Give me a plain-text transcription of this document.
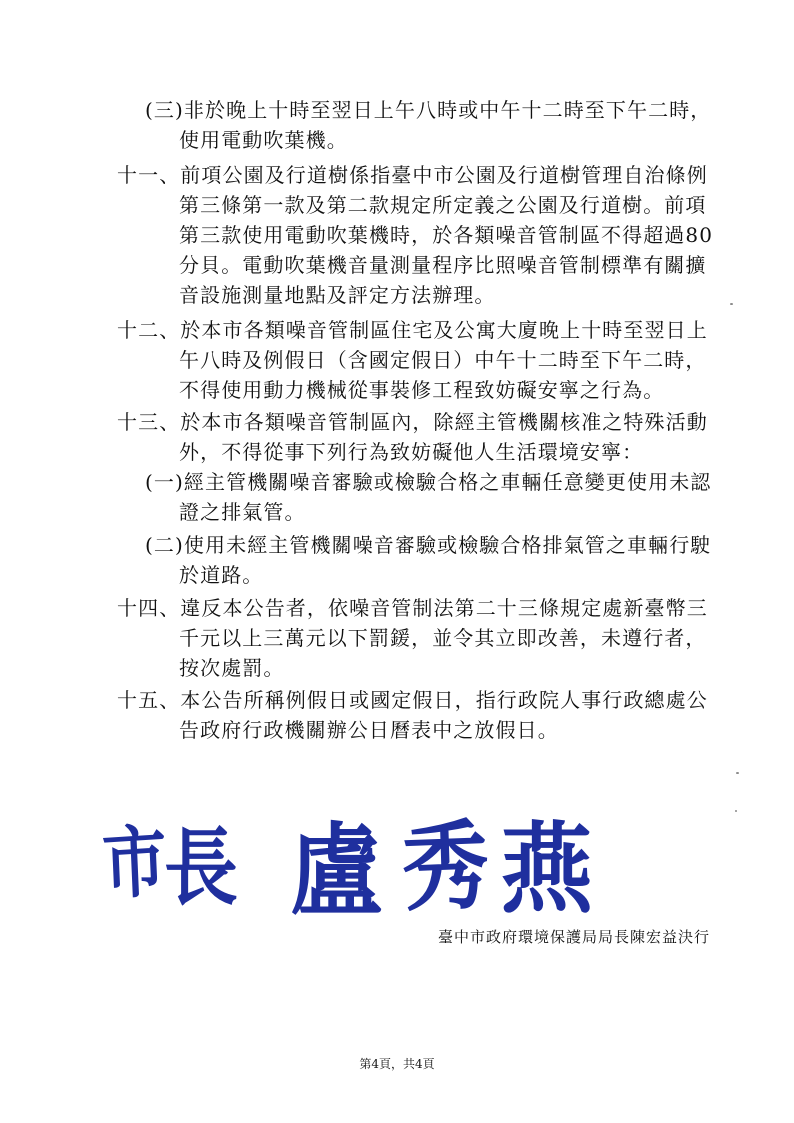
(三)非於晚上十時至翌日上午八時或中午十二時至下午二時，
使用電動吹葉機。
十一、前項公園及行道樹係指臺中市公園及行道樹管理自治條例
第三條第一款及第二款規定所定義之公園及行道樹。前項
第三款使用電動吹葉機時，於各類噪音管制區不得超過80
分貝。電動吹葉機音量測量程序比照噪音管制標準有關擴
音設施測量地點及評定方法辦理。
十二、於本市各類噪音管制區住宅及公寓大廈晚上十時至翌日上
午八時及例假日（含國定假日）中午十二時至下午二時，
不得使用動力機械從事裝修工程致妨礙安寧之行為。
十三、於本市各類噪音管制區內，除經主管機關核准之特殊活動
外，不得從事下列行為致妨礙他人生活環境安寧：
(一)經主管機關噪音審驗或檢驗合格之車輛任意變更使用未認
證之排氣管。
(二)使用未經主管機關噪音審驗或檢驗合格排氣管之車輛行駛
於道路。
十四、違反本公告者，依噪音管制法第二十三條規定處新臺幣三
千元以上三萬元以下罰鍰，並令其立即改善，未遵行者，
按次處罰。
十五、本公告所稱例假日或國定假日，指行政院人事行政總處公
告政府行政機關辦公日曆表中之放假日。
市
長 盧 秀 燕
臺中市政府環境保護局局長陳宏益決行
第4頁，共4頁
